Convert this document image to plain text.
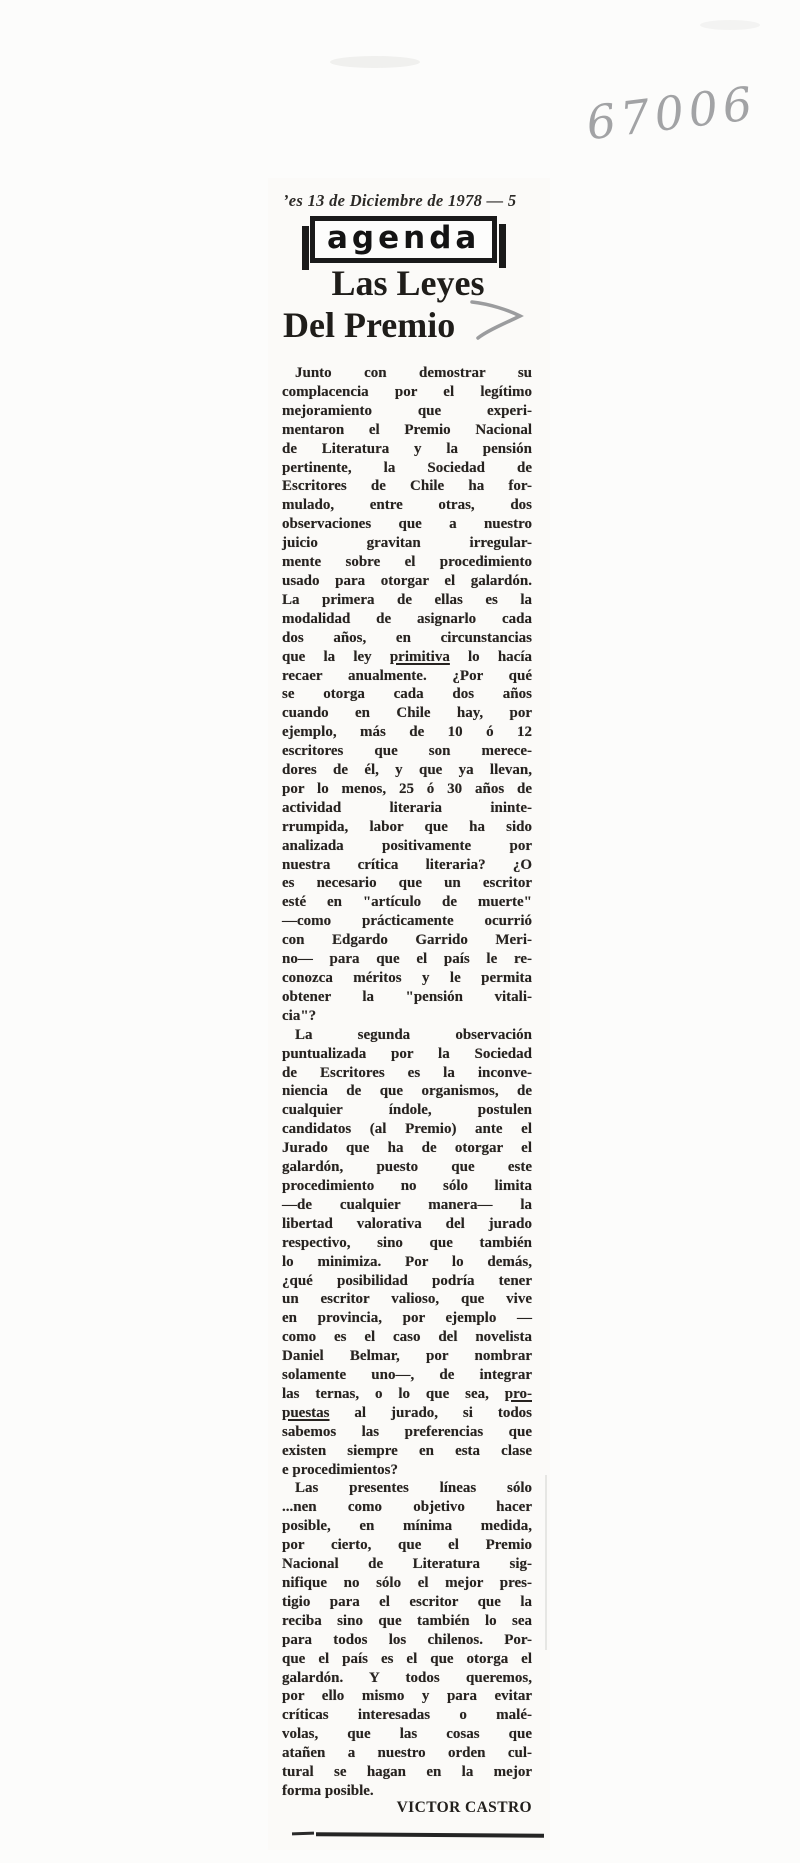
67006
’es 13 de Diciembre de 1978 — 5
agenda
Las Leyes
Del Premio
Junto con demostrar su
complacencia por el legítimo
mejoramiento que experi-
mentaron el Premio Nacional
de Literatura y la pensión
pertinente, la Sociedad de
Escritores de Chile ha for-
mulado, entre otras, dos
observaciones que a nuestro
juicio gravitan irregular-
mente sobre el procedimiento
usado para otorgar el galardón.
La primera de ellas es la
modalidad de asignarlo cada
dos años, en circunstancias
que la ley primitiva lo hacía
recaer anualmente. ¿Por qué
se otorga cada dos años
cuando en Chile hay, por
ejemplo, más de 10 ó 12
escritores que son merece-
dores de él, y que ya llevan,
por lo menos, 25 ó 30 años de
actividad literaria ininte-
rrumpida, labor que ha sido
analizada positivamente por
nuestra crítica literaria? ¿O
es necesario que un escritor
esté en "artículo de muerte"
—como prácticamente ocurrió
con Edgardo Garrido Meri-
no— para que el país le re-
conozca méritos y le permita
obtener la "pensión vitali-
cia"?
La segunda observación
puntualizada por la Sociedad
de Escritores es la inconve-
niencia de que organismos, de
cualquier índole, postulen
candidatos (al Premio) ante el
Jurado que ha de otorgar el
galardón, puesto que este
procedimiento no sólo limita
—de cualquier manera— la
libertad valorativa del jurado
respectivo, sino que también
lo minimiza. Por lo demás,
¿qué posibilidad podría tener
un escritor valioso, que vive
en provincia, por ejemplo —
como es el caso del novelista
Daniel Belmar, por nombrar
solamente uno—, de integrar
las ternas, o lo que sea, pro-
puestas al jurado, si todos
sabemos las preferencias que
existen siempre en esta clase
e procedimientos?
Las presentes líneas sólo
...nen como objetivo hacer
posible, en mínima medida,
por cierto, que el Premio
Nacional de Literatura sig-
nifique no sólo el mejor pres-
tigio para el escritor que la
reciba sino que también lo sea
para todos los chilenos. Por-
que el país es el que otorga el
galardón. Y todos queremos,
por ello mismo y para evitar
críticas interesadas o malé-
volas, que las cosas que
atañen a nuestro orden cul-
tural se hagan en la mejor
forma posible.
VICTOR CASTRO
